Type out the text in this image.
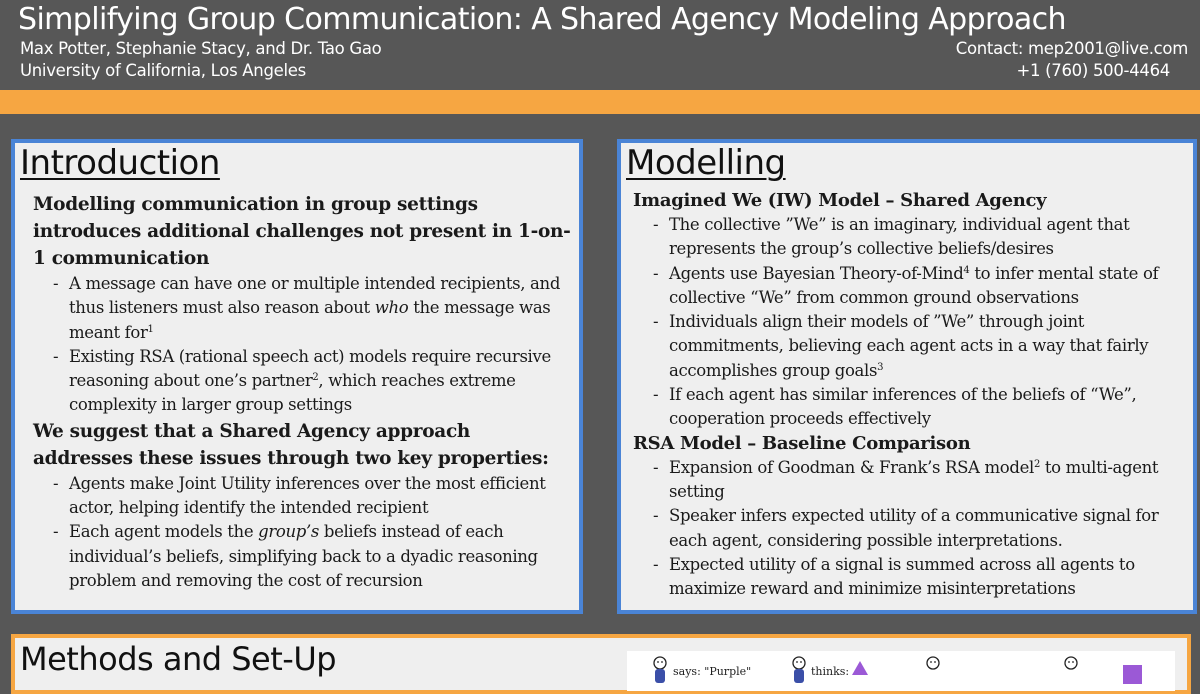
Simplifying Group Communication: A Shared Agency Modeling Approach
Max Potter, Stephanie Stacy, and Dr. Tao Gao
University of California, Los Angeles
Contact: mep2001@live.com
+1 (760) 500-4464
Introduction

Modelling communication in group settings introduces additional challenges not present in 1-on-1 communication

- A message can have one or multiple intended recipients, and thus listeners must also reason about who the message was meant for$^1$
- Existing RSA (rational speech act) models require recursive reasoning about one’s partner$^2$, which reaches extreme complexity in larger group settings

We suggest that a Shared Agency approach addresses these issues through two key properties:

- Agents make Joint Utility inferences over the most efficient actor, helping identify the intended recipient
- Each agent models the group’s beliefs instead of each individual’s beliefs, simplifying back to a dyadic reasoning problem and removing the cost of recursion
Modelling

Imagined We (IW) Model – Shared Agency

- The collective ”We” is an imaginary, individual agent that represents the group’s collective beliefs/desires
- Agents use Bayesian Theory-of-Mind$^4$ to infer mental state of collective “We” from common ground observations
- Individuals align their models of ”We” through joint commitments, believing each agent acts in a way that fairly accomplishes group goals$^3$
- If each agent has similar inferences of the beliefs of “We”, cooperation proceeds effectively

RSA Model – Baseline Comparison

- Expansion of Goodman & Frank’s RSA model$^2$ to multi-agent setting
- Speaker infers expected utility of a communicative signal for each agent, considering possible interpretations.
- Expected utility of a signal is summed across all agents to maximize reward and minimize misinterpretations
Methods and Set-Up	says: "Purple"	thinks:
